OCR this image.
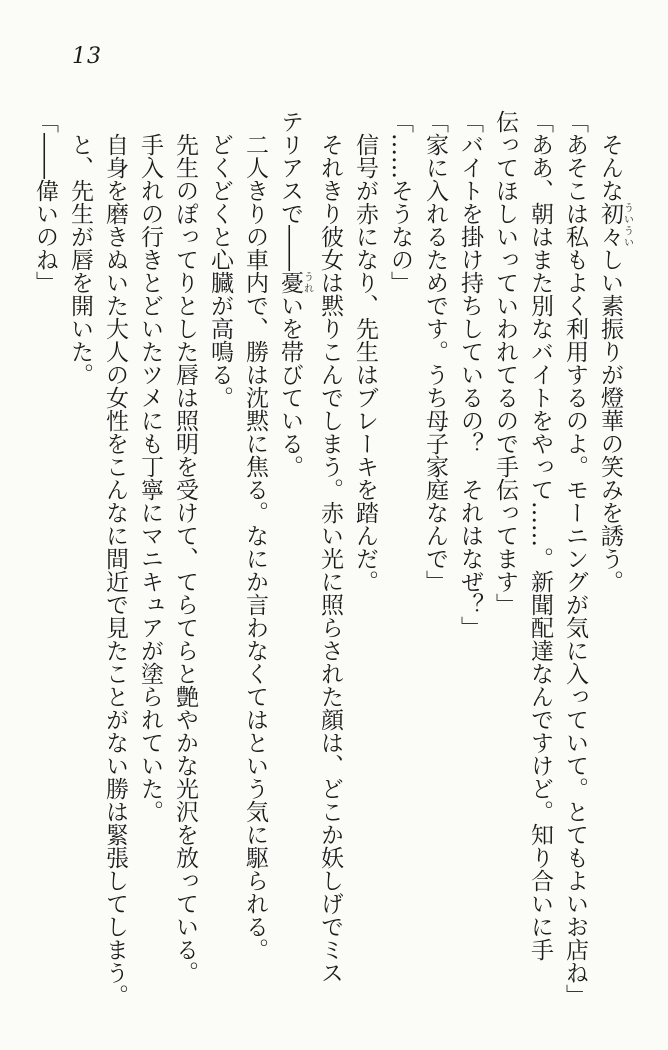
13

そんな初々ういういしい素振りが燈華の笑みを誘う。

「あそこは私もよく利用するのよ。モーニングが気に入っていて。とてもよいお店ね」

「ああ、朝はまた別なバイトをやって……。新聞配達なんですけど。知り合いに手

伝ってほしいっていわれてるので手伝ってます」

「バイトを掛け持ちしているの？　それはなぜ？」

「家に入れるためです。うち母子家庭なんで」

「……そうなの」

信号が赤になり、先生はブレーキを踏んだ。

それきり彼女は黙りこんでしまう。赤い光に照らされた顔は、どこか妖しげでミス

テリアスで――憂うれいを帯びている。

二人きりの車内で、勝は沈黙に焦る。なにか言わなくてはという気に駆られる。

どくどくと心臓が高鳴る。

先生のぽってりとした唇は照明を受けて、てらてらと艶やかな光沢を放っている。

手入れの行きとどいたツメにも丁寧にマニキュアが塗られていた。

自身を磨きぬいた大人の女性をこんなに間近で見たことがない勝は緊張してしまう。

と、先生が唇を開いた。

「――偉いのね」
